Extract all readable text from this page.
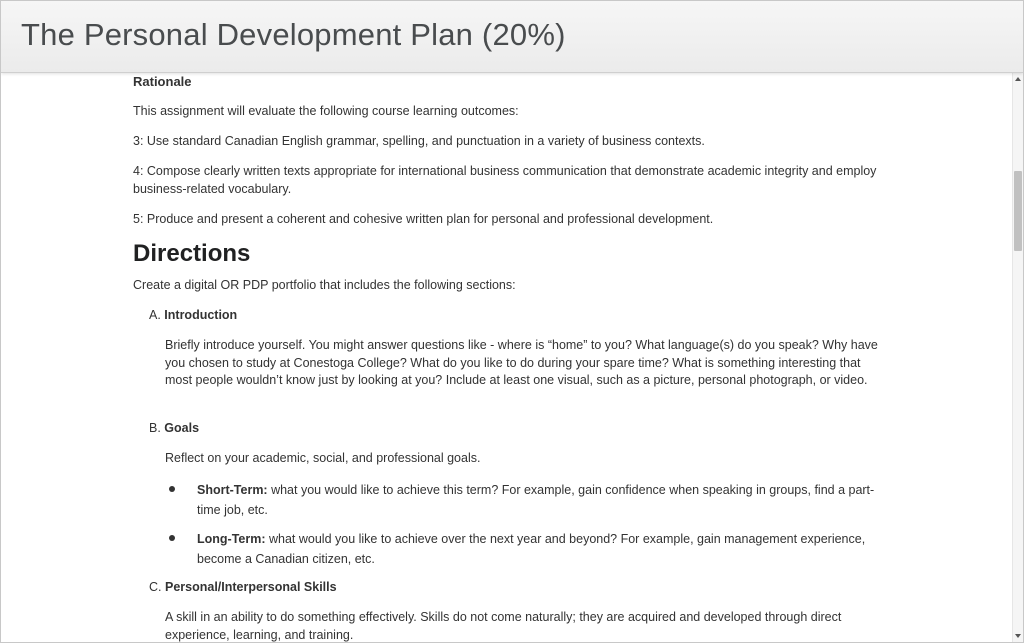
The Personal Development Plan (20%)
Rationale

This assignment will evaluate the following course learning outcomes:

3: Use standard Canadian English grammar, spelling, and punctuation in a variety of business contexts.

4: Compose clearly written texts appropriate for international business communication that demonstrate academic integrity and employ business-related vocabulary.

5: Produce and present a coherent and cohesive written plan for personal and professional development.

Directions

Create a digital OR PDP portfolio that includes the following sections:

A. Introduction

Briefly introduce yourself. You might answer questions like - where is “home” to you? What language(s) do you speak? Why have you chosen to study at Conestoga College? What do you like to do during your spare time? What is something interesting that most people wouldn’t know just by looking at you? Include at least one visual, such as a picture, personal photograph, or video.

B. Goals

Reflect on your academic, social, and professional goals.

Short-Term: what you would like to achieve this term? For example, gain confidence when speaking in groups, find a part-time job, etc.
Long-Term: what would you like to achieve over the next year and beyond? For example, gain management experience, become a Canadian citizen, etc.
C. Personal/Interpersonal Skills

A skill in an ability to do something effectively. Skills do not come naturally; they are acquired and developed through direct experience, learning, and training.
